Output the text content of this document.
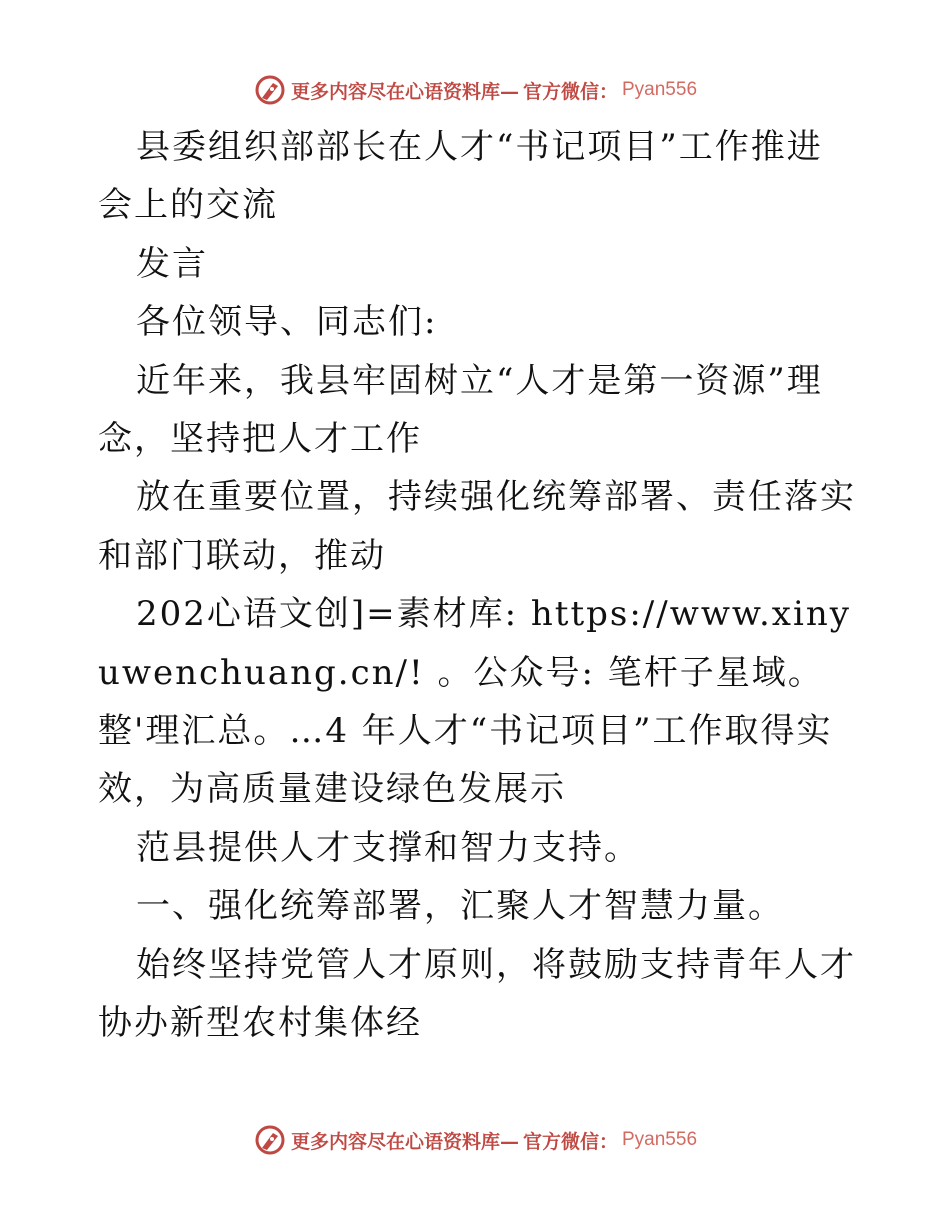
更多内容尽在心语资料库— 官方微信： Pyan556

县委组织部部长在人才“书记项目”工作推进会上的交流

发言

各位领导、同志们:

近年来，我县牢固树立“人才是第一资源”理念，坚持把人才工作

放在重要位置，持续强化统筹部署、责任落实和部门联动，推动

202心语文创]=素材库: https://www.xinyuwenchuang.cn/! 。公众号: 笔杆子星域。整'理汇总。…4 年人才“书记项目”工作取得实效，为高质量建设绿色发展示

范县提供人才支撑和智力支持。

一、强化统筹部署，汇聚人才智慧力量。

始终坚持党管人才原则，将鼓励支持青年人才协办新型农村集体经

更多内容尽在心语资料库— 官方微信： Pyan556
